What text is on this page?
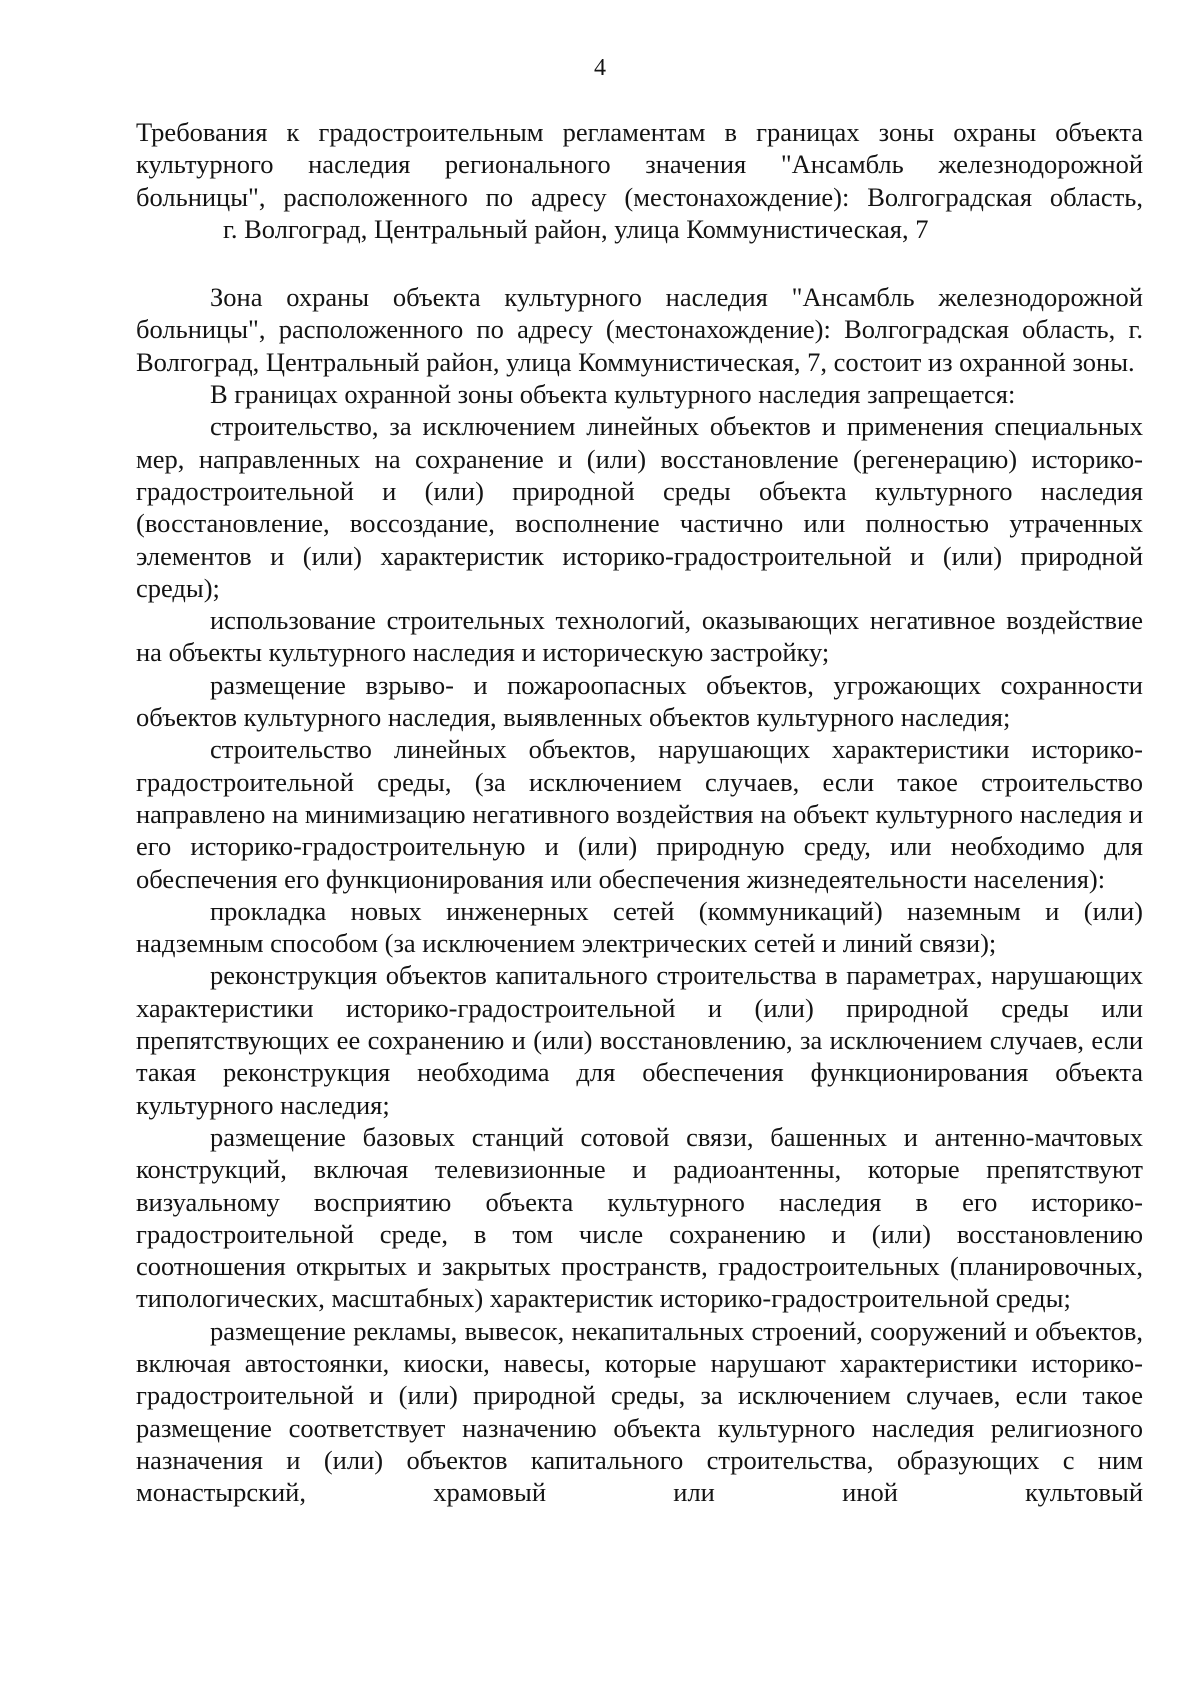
4

Требования к градостроительным регламентам в границах зоны охраны объекта
культурного наследия регионального значения "Ансамбль железнодорожной
больницы", расположенного по адресу (местонахождение): Волгоградская область,
г. Волгоград, Центральный район, улица Коммунистическая, 7

Зона охраны объекта культурного наследия "Ансамбль железнодорожной больницы", расположенного по адресу (местонахождение): Волгоградская область, г. Волгоград, Центральный район, улица Коммунистическая, 7, состоит из охранной зоны.

В границах охранной зоны объекта культурного наследия запрещается:

строительство, за исключением линейных объектов и применения специальных мер, направленных на сохранение и (или) восстановление (регенерацию) историко-градостроительной и (или) природной среды объекта культурного наследия (восстановление, воссоздание, восполнение частично или полностью утраченных элементов и (или) характеристик историко-градостроительной и (или) природной среды);

использование строительных технологий, оказывающих негативное воздействие на объекты культурного наследия и историческую застройку;

размещение взрыво- и пожароопасных объектов, угрожающих сохранности объектов культурного наследия, выявленных объектов культурного наследия;

строительство линейных объектов, нарушающих характеристики историко-градостроительной среды, (за исключением случаев, если такое строительство направлено на минимизацию негативного воздействия на объект культурного наследия и его историко-градостроительную и (или) природную среду, или необходимо для обеспечения его функционирования или обеспечения жизнедеятельности населения):

прокладка новых инженерных сетей (коммуникаций) наземным и (или) надземным способом (за исключением электрических сетей и линий связи);

реконструкция объектов капитального строительства в параметрах, нарушающих характеристики историко-градостроительной и (или) природной среды или препятствующих ее сохранению и (или) восстановлению, за исключением случаев, если такая реконструкция необходима для обеспечения функционирования объекта культурного наследия;

размещение базовых станций сотовой связи, башенных и антенно-мачтовых конструкций, включая телевизионные и радиоантенны, которые препятствуют визуальному восприятию объекта культурного наследия в его историко-градостроительной среде, в том числе сохранению и (или) восстановлению соотношения открытых и закрытых пространств, градостроительных (планировочных, типологических, масштабных) характеристик историко-градостроительной среды;

размещение рекламы, вывесок, некапитальных строений, сооружений и объектов, включая автостоянки, киоски, навесы, которые нарушают характеристики историко-градостроительной и (или) природной среды, за исключением случаев, если такое размещение соответствует назначению объекта культурного наследия религиозного назначения и (или) объектов капитального строительства, образующих с ним монастырский, храмовый или иной культовый
